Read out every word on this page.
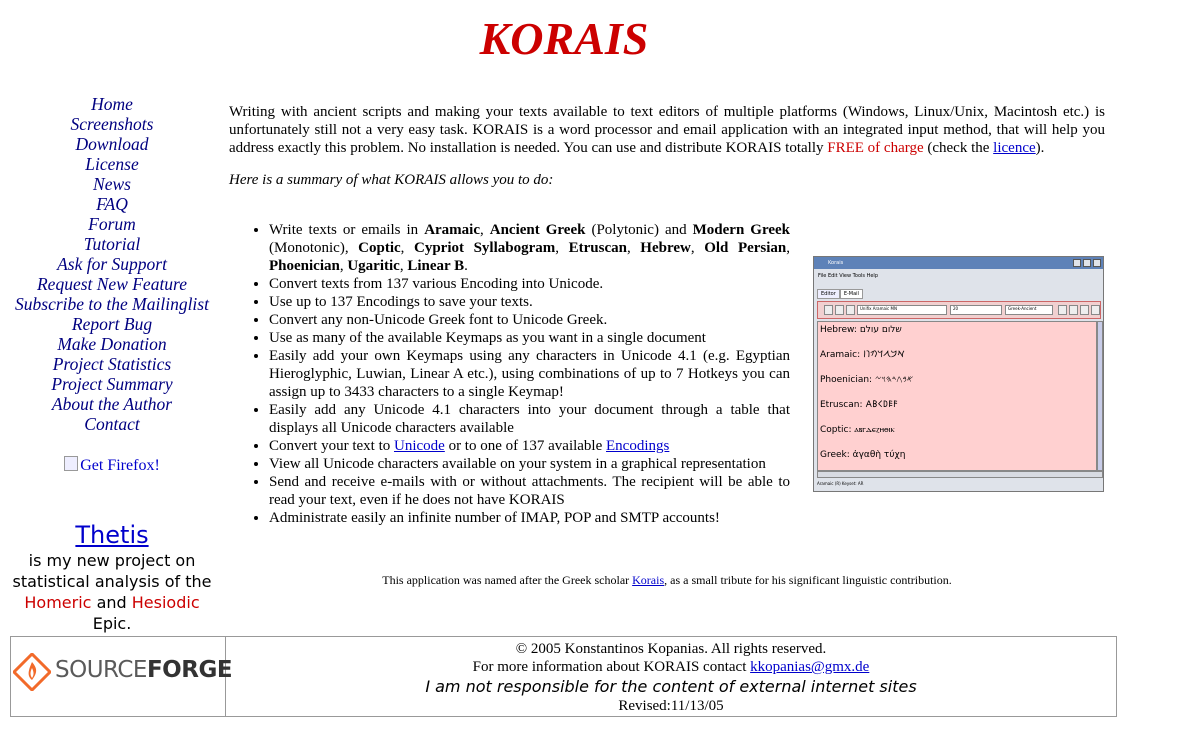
KORAIS
Home
Screenshots
Download
License
News
FAQ
Forum
Tutorial
Ask for Support
Request New Feature
Subscribe to the Mailinglist
Report Bug
Make Donation
Project Statistics
Project Summary
About the Author
Contact
Get Firefox!
Thetis
is my new project on
statistical analysis of the
Homeric and Hesiodic
Epic.

Writing with ancient scripts and making your texts available to text editors of multiple platforms (Windows, Linux/Unix, Macintosh etc.) is unfortunately still not a very easy task. KORAIS is a word processor and email application with an integrated input method, that will help you address exactly this problem. No installation is needed. You can use and distribute KORAIS totally FREE of charge (check the licence).

Here is a summary of what KORAIS allows you to do:

• Write texts or emails in Aramaic, Ancient Greek (Polytonic) and Modern Greek (Monotonic), Coptic, Cypriot Syllabogram, Etruscan, Hebrew, Old Persian, Phoenician, Ugaritic, Linear B.
• Convert texts from 137 various Encoding into Unicode.
• Use up to 137 Encodings to save your texts.
• Convert any non-Unicode Greek font to Unicode Greek.
• Use as many of the available Keymaps as you want in a single document
• Easily add your own Keymaps using any characters in Unicode 4.1 (e.g. Egyptian Hieroglyphic, Luwian, Linear A etc.), using combinations of up to 7 Hotkeys you can assign up to 3433 characters to a single Keymap!
• Easily add any Unicode 4.1 characters into your document through a table that displays all Unicode characters available
• Convert your text to Unicode or to one of 137 available Encodings
• View all Unicode characters available on your system in a graphical representation
• Send and receive e-mails with or without attachments. The recipient will be able to read your text, even if he does not have KORAIS
• Administrate easily an infinite number of IMAP, POP and SMTP accounts!
Korais
File Edit View Tools Help
Editor E-Mail
Unifix Aramaic MN	20	Greek-Ancient
Hebrew: שלום עולם
Aramaic: 𐡀𐡁𐡂𐡃𐡄𐡅𐡆
Phoenician: 𐤀𐤁𐤂𐤃𐤄𐤅𐤆
Etruscan: 𐌀𐌁𐌂𐌃𐌄𐌅
Coptic: ⲁⲃⲅⲇⲉⲍⲏⲑⲓⲕ
Greek: ἀγαθὴ τύχη
Aramaic (R) Keyset: AR
This application was named after the Greek scholar Korais, as a small tribute for his significant linguistic contribution.
SOURCEFORGE
© 2005 Konstantinos Kopanias. All rights reserved.
For more information about KORAIS contact kkopanias@gmx.de
I am not responsible for the content of external internet sites
Revised:11/13/05
